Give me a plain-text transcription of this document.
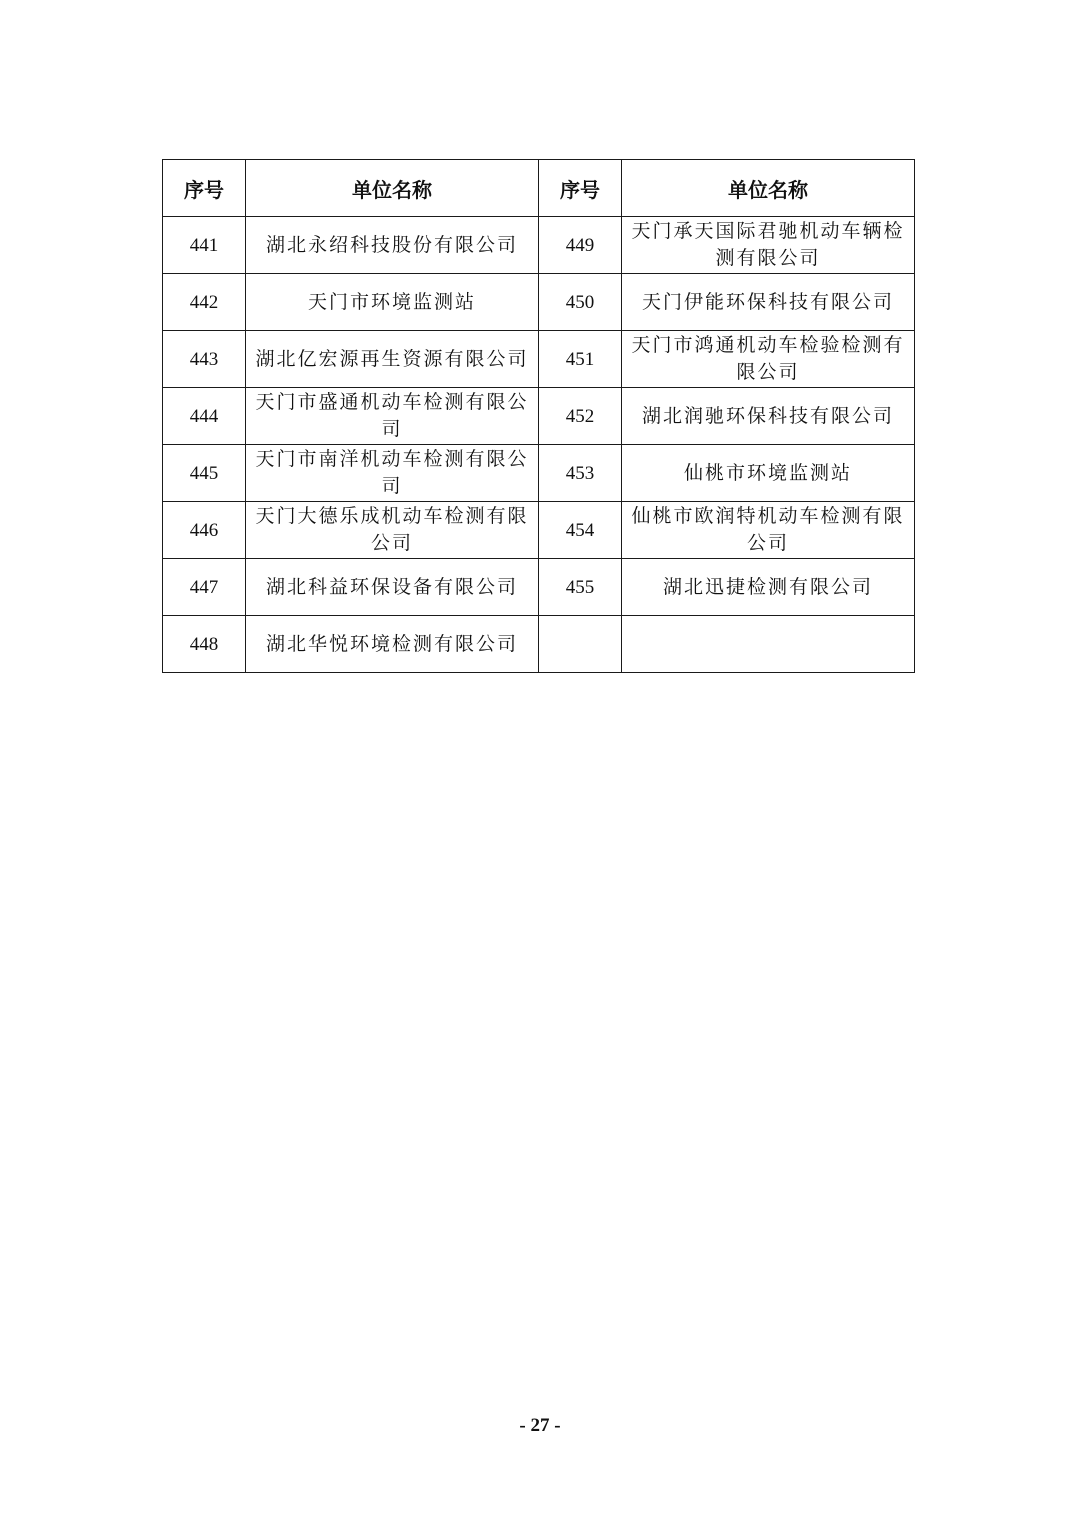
序号	单位名称	序号	单位名称
441	湖北永绍科技股份有限公司	449	天门承天国际君驰机动车辆检测有限公司
442	天门市环境监测站	450	天门伊能环保科技有限公司
443	湖北亿宏源再生资源有限公司	451	天门市鸿通机动车检验检测有限公司
444	天门市盛通机动车检测有限公司	452	湖北润驰环保科技有限公司
445	天门市南洋机动车检测有限公司	453	仙桃市环境监测站
446	天门大德乐成机动车检测有限公司	454	仙桃市欧润特机动车检测有限公司
447	湖北科益环保设备有限公司	455	湖北迅捷检测有限公司
448	湖北华悦环境检测有限公司		
- 27 -
